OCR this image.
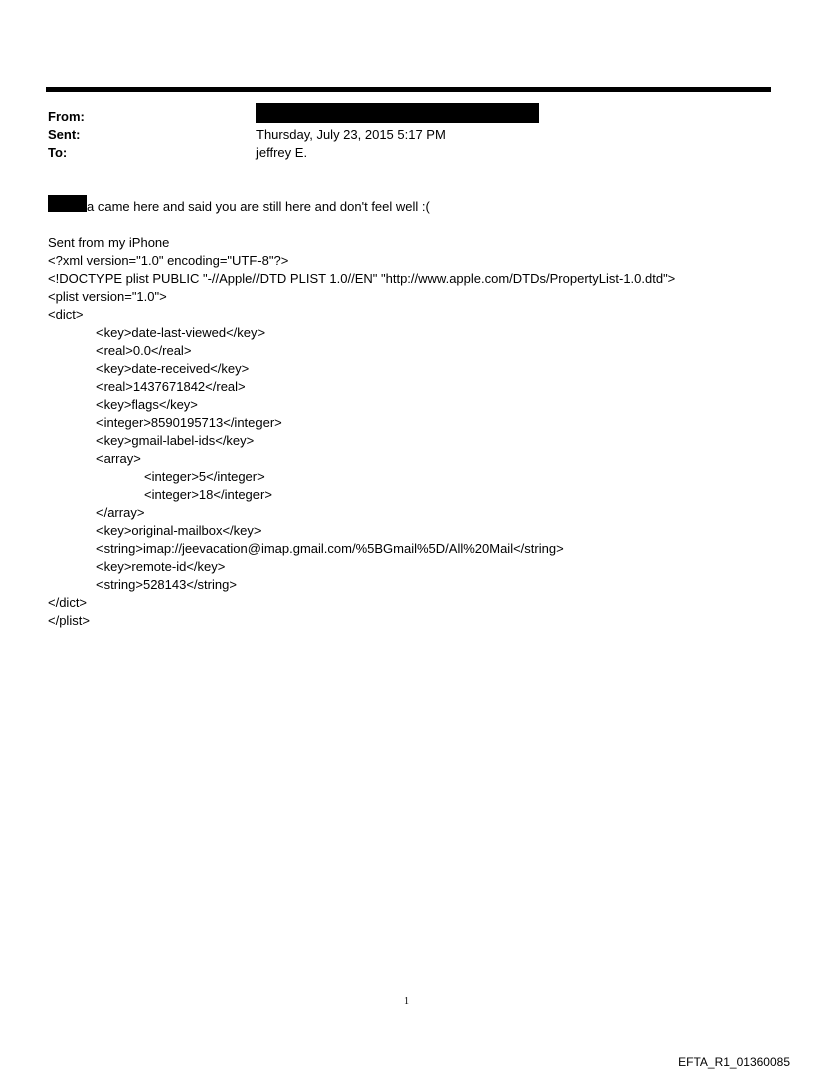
From:
Sent:	Thursday, July 23, 2015 5:17 PM
To:	jeffrey E.
a came here and said you are still here and don't feel well :(
Sent from my iPhone
<?xml version="1.0" encoding="UTF-8"?>
<!DOCTYPE plist PUBLIC "-//Apple//DTD PLIST 1.0//EN" "http://www.apple.com/DTDs/PropertyList-1.0.dtd">
<plist version="1.0">
<dict>
<key>date-last-viewed</key>
<real>0.0</real>
<key>date-received</key>
<real>1437671842</real>
<key>flags</key>
<integer>8590195713</integer>
<key>gmail-label-ids</key>
<array>
<integer>5</integer>
<integer>18</integer>
</array>
<key>original-mailbox</key>
<string>imap://jeevacation@imap.gmail.com/%5BGmail%5D/All%20Mail</string>
<key>remote-id</key>
<string>528143</string>
</dict>
</plist>
1
EFTA_R1_01360085
